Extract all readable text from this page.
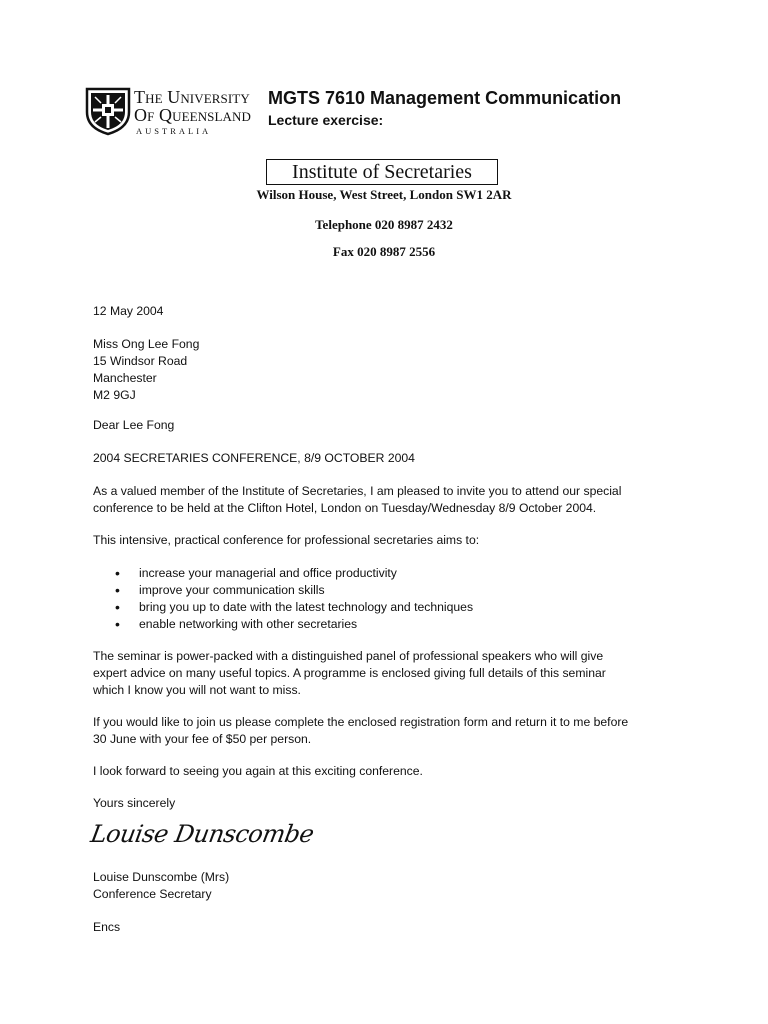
The University
Of Queensland
AUSTRALIA
MGTS 7610 Management Communication
Lecture exercise:
Institute of Secretaries
Wilson House, West Street, London SW1 2AR
Telephone 020 8987 2432
Fax 020 8987 2556
12 May 2004
Miss Ong Lee Fong
15 Windsor Road
Manchester
M2 9GJ
Dear Lee Fong
2004 SECRETARIES CONFERENCE, 8/9 OCTOBER 2004
As a valued member of the Institute of Secretaries, I am pleased to invite you to attend our special
conference to be held at the Clifton Hotel, London on Tuesday/Wednesday 8/9 October 2004.
This intensive, practical conference for professional secretaries aims to:
• increase your managerial and office productivity
• improve your communication skills
• bring you up to date with the latest technology and techniques
• enable networking with other secretaries
The seminar is power-packed with a distinguished panel of professional speakers who will give
expert advice on many useful topics. A programme is enclosed giving full details of this seminar
which I know you will not want to miss.
If you would like to join us please complete the enclosed registration form and return it to me before
30 June with your fee of $50 per person.
I look forward to seeing you again at this exciting conference.
Yours sincerely
Louise Dunscombe
Louise Dunscombe (Mrs)
Conference Secretary
Encs
